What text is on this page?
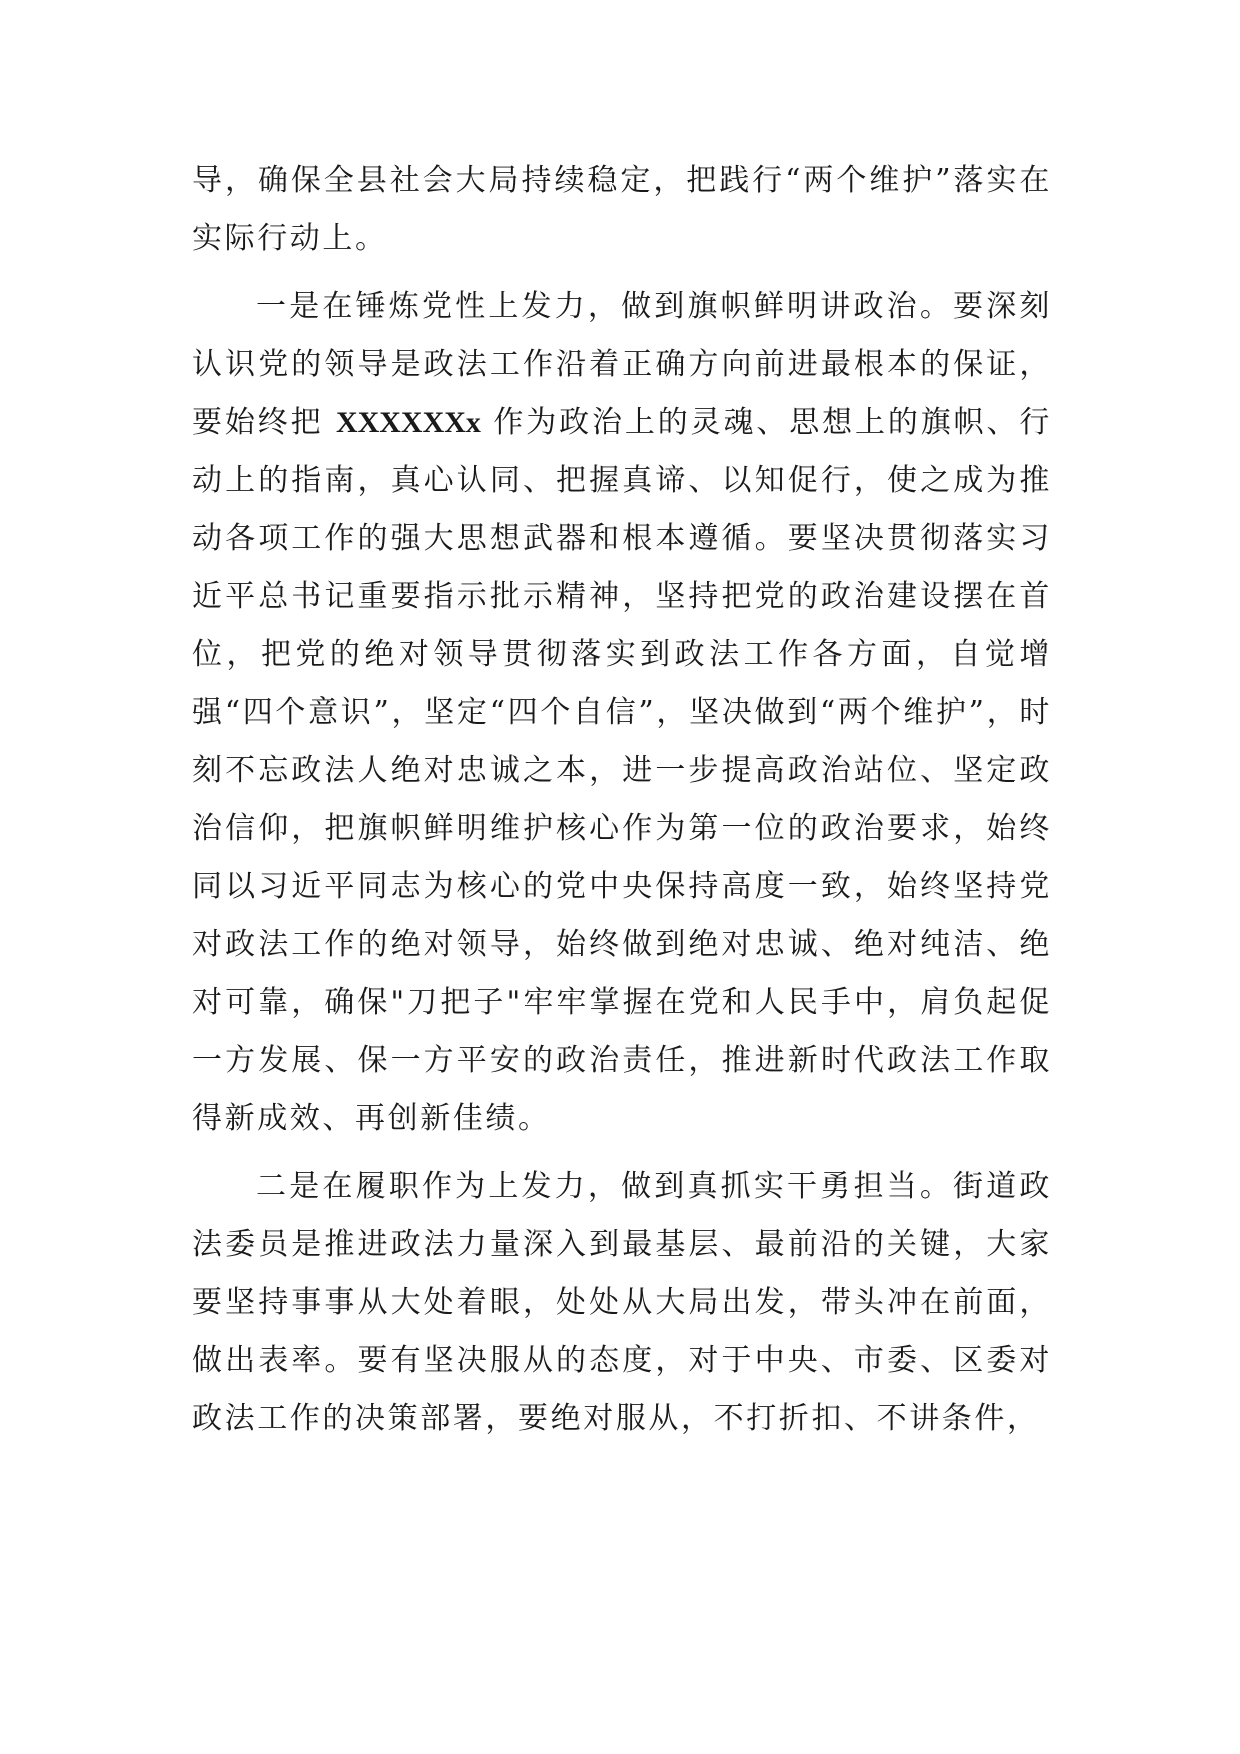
导，确保全县社会大局持续稳定，把践行“两个维护”落实在实际行动上。

一是在锤炼党性上发力，做到旗帜鲜明讲政治。要深刻认识党的领导是政法工作沿着正确方向前进最根本的保证，要始终把 XXXXXXx 作为政治上的灵魂、思想上的旗帜、行动上的指南，真心认同、把握真谛、以知促行，使之成为推动各项工作的强大思想武器和根本遵循。要坚决贯彻落实习近平总书记重要指示批示精神，坚持把党的政治建设摆在首位，把党的绝对领导贯彻落实到政法工作各方面，自觉增强“四个意识”，坚定“四个自信”，坚决做到“两个维护”，时刻不忘政法人绝对忠诚之本，进一步提高政治站位、坚定政治信仰，把旗帜鲜明维护核心作为第一位的政治要求，始终同以习近平同志为核心的党中央保持高度一致，始终坚持党对政法工作的绝对领导，始终做到绝对忠诚、绝对纯洁、绝对可靠，确保"刀把子"牢牢掌握在党和人民手中，肩负起促一方发展、保一方平安的政治责任，推进新时代政法工作取得新成效、再创新佳绩。

二是在履职作为上发力，做到真抓实干勇担当。街道政法委员是推进政法力量深入到最基层、最前沿的关键，大家要坚持事事从大处着眼，处处从大局出发，带头冲在前面，做出表率。要有坚决服从的态度，对于中央、市委、区委对政法工作的决策部署，要绝对服从，不打折扣、不讲条件，
